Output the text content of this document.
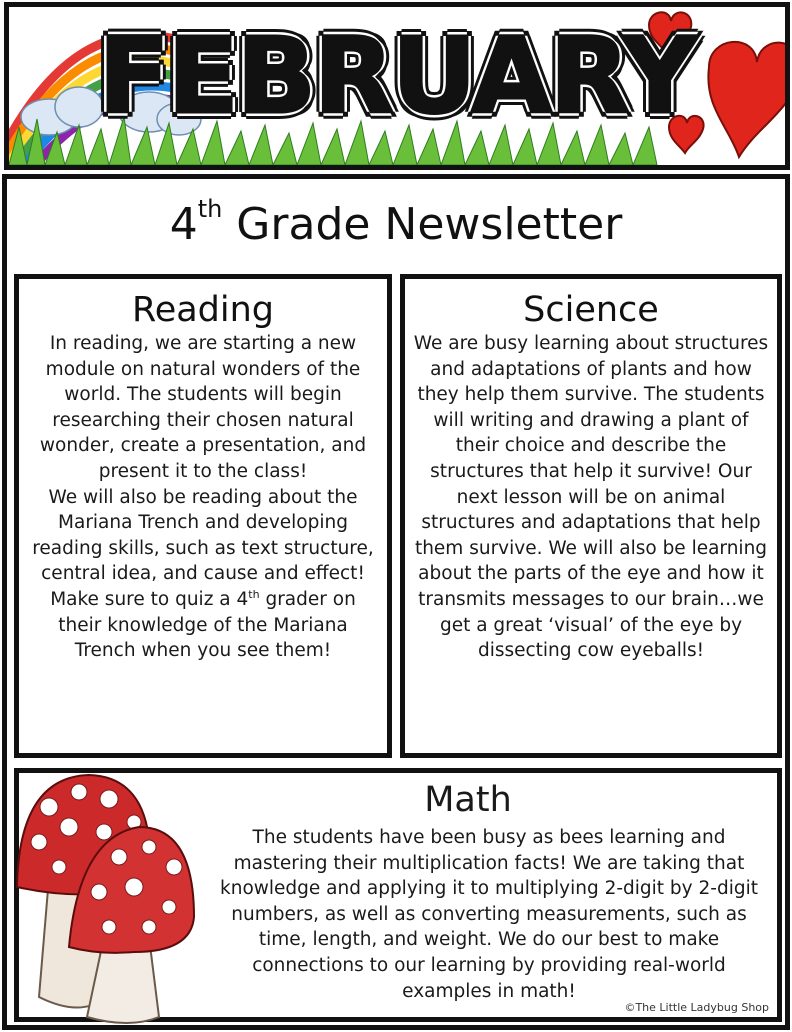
FEBRUARY
4th Grade Newsletter
Reading
In reading, we are starting a new module on natural wonders of the world. The students will begin researching their chosen natural wonder, create a presentation, and present it to the class!
We will also be reading about the Mariana Trench and developing reading skills, such as text structure, central idea, and cause and effect! Make sure to quiz a 4th grader on their knowledge of the Mariana Trench when you see them!
Science
We are busy learning about structures and adaptations of plants and how they help them survive. The students will writing and drawing a plant of their choice and describe the structures that help it survive! Our next lesson will be on animal structures and adaptations that help them survive. We will also be learning about the parts of the eye and how it transmits messages to our brain…we get a great ‘visual’ of the eye by dissecting cow eyeballs!
Math
The students have been busy as bees learning and mastering their multiplication facts! We are taking that knowledge and applying it to multiplying 2-digit by 2-digit numbers, as well as converting measurements, such as time, length, and weight. We do our best to make connections to our learning by providing real-world examples in math!
©The Little Ladybug Shop
